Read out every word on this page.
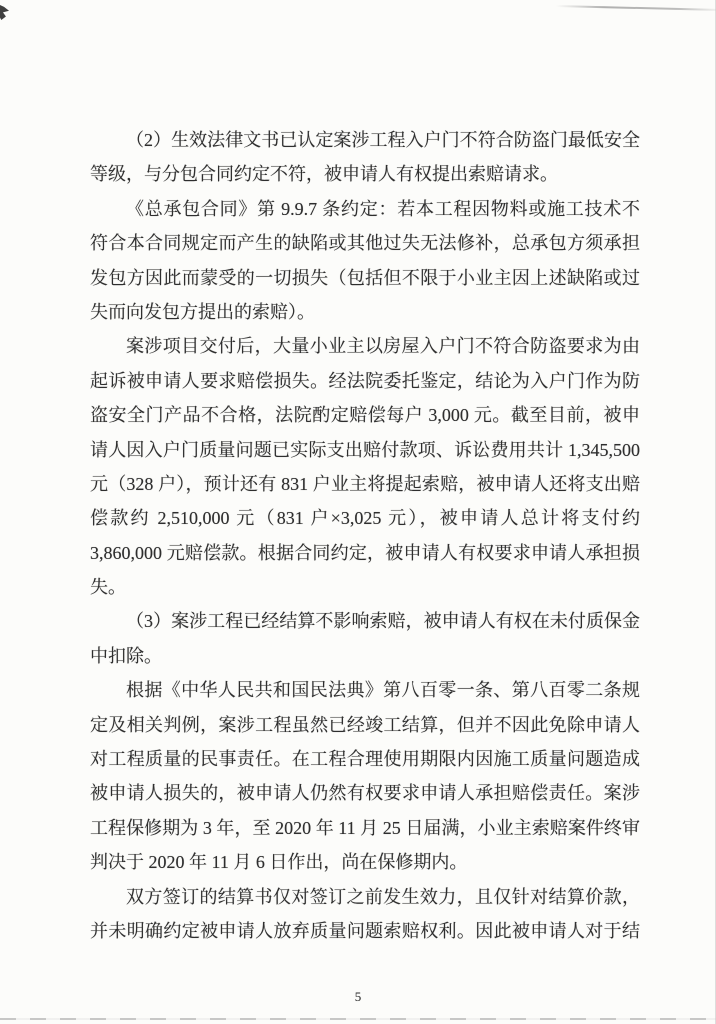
（2）生效法律文书已认定案涉工程入户门不符合防盗门最低安全
等级，与分包合同约定不符，被申请人有权提出索赔请求。
《总承包合同》第 9.9.7 条约定：若本工程因物料或施工技术不
符合本合同规定而产生的缺陷或其他过失无法修补，总承包方须承担
发包方因此而蒙受的一切损失（包括但不限于小业主因上述缺陷或过
失而向发包方提出的索赔）。
案涉项目交付后，大量小业主以房屋入户门不符合防盗要求为由
起诉被申请人要求赔偿损失。经法院委托鉴定，结论为入户门作为防
盗安全门产品不合格，法院酌定赔偿每户 3,000 元。截至目前，被申
请人因入户门质量问题已实际支出赔付款项、诉讼费用共计 1,345,500
元（328 户），预计还有 831 户业主将提起索赔，被申请人还将支出赔
偿款约 2,510,000 元（831 户×3,025 元），被申请人总计将支付约
3,860,000 元赔偿款。根据合同约定，被申请人有权要求申请人承担损
失。
（3）案涉工程已经结算不影响索赔，被申请人有权在未付质保金
中扣除。
根据《中华人民共和国民法典》第八百零一条、第八百零二条规
定及相关判例，案涉工程虽然已经竣工结算，但并不因此免除申请人
对工程质量的民事责任。在工程合理使用期限内因施工质量问题造成
被申请人损失的，被申请人仍然有权要求申请人承担赔偿责任。案涉
工程保修期为 3 年，至 2020 年 11 月 25 日届满，小业主索赔案件终审
判决于 2020 年 11 月 6 日作出，尚在保修期内。
双方签订的结算书仅对签订之前发生效力，且仅针对结算价款，
并未明确约定被申请人放弃质量问题索赔权利。因此被申请人对于结
5
